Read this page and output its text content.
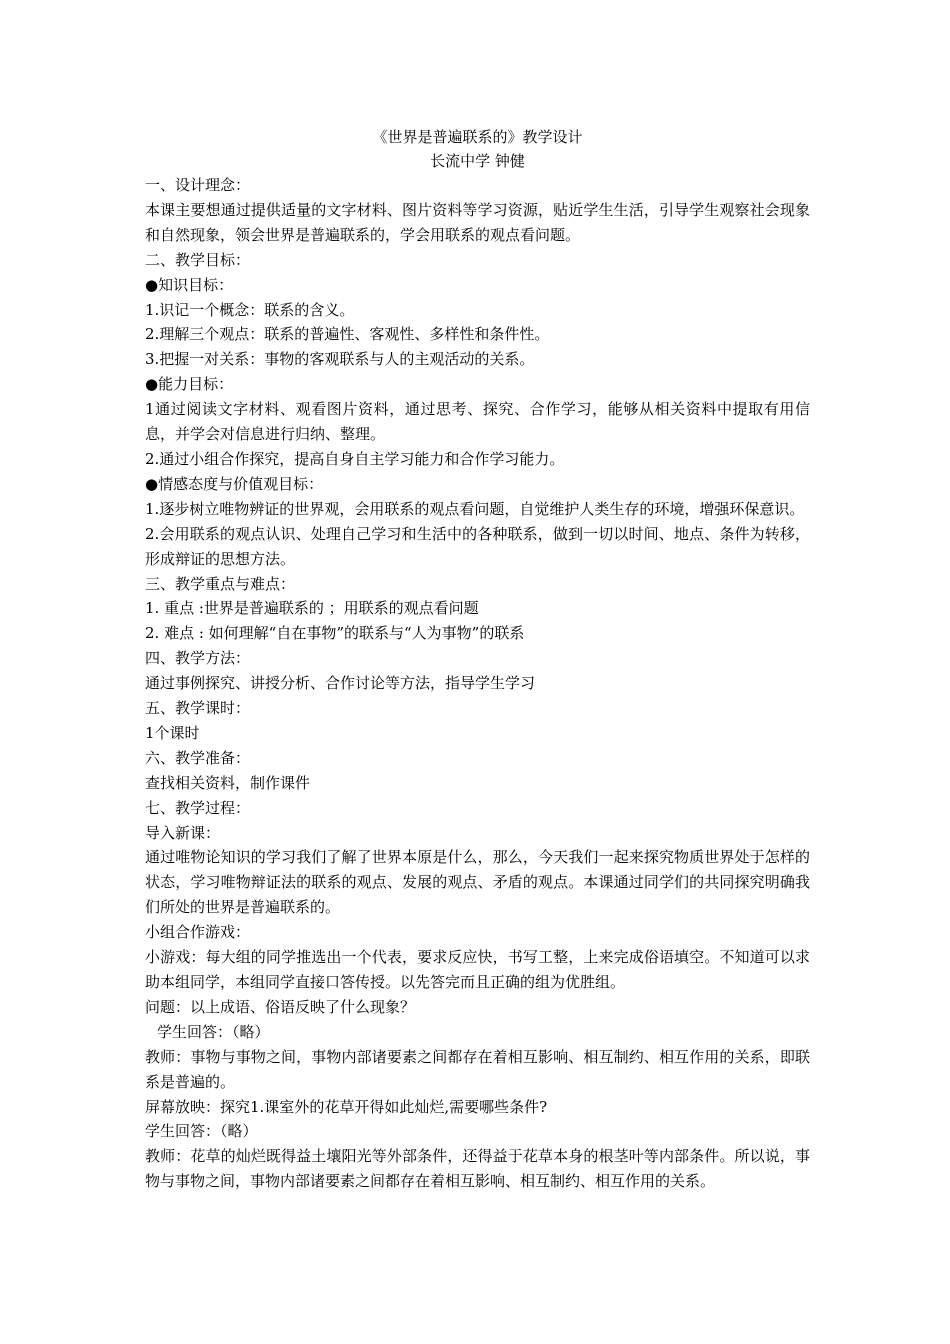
《世界是普遍联系的》教学设计
长流中学 钟健
一、设计理念：
本课主要想通过提供适量的文字材料、图片资料等学习资源，贴近学生生活，引导学生观察社会现象和自然现象，领会世界是普遍联系的，学会用联系的观点看问题。
二、教学目标：
●知识目标：
1.识记一个概念：联系的含义。
2.理解三个观点：联系的普遍性、客观性、多样性和条件性。
3.把握一对关系：事物的客观联系与人的主观活动的关系。
●能力目标：
1通过阅读文字材料、观看图片资料，通过思考、探究、合作学习，能够从相关资料中提取有用信息，并学会对信息进行归纳、整理。
2.通过小组合作探究，提高自身自主学习能力和合作学习能力。
●情感态度与价值观目标：
1.逐步树立唯物辨证的世界观，会用联系的观点看问题，自觉维护人类生存的环境，增强环保意识。
2.会用联系的观点认识、处理自己学习和生活中的各种联系，做到一切以时间、地点、条件为转移，形成辩证的思想方法。
三、教学重点与难点：
1. 重点 :世界是普遍联系的 ；用联系的观点看问题
2. 难点 : 如何理解“自在事物”的联系与“人为事物”的联系
四、教学方法：
通过事例探究、讲授分析、合作讨论等方法，指导学生学习
五、教学课时：
1个课时
六、教学准备：
查找相关资料，制作课件
七、教学过程：
导入新课：
通过唯物论知识的学习我们了解了世界本原是什么，那么，今天我们一起来探究物质世界处于怎样的状态，学习唯物辩证法的联系的观点、发展的观点、矛盾的观点。本课通过同学们的共同探究明确我们所处的世界是普遍联系的。
小组合作游戏：
小游戏：每大组的同学推选出一个代表，要求反应快，书写工整，上来完成俗语填空。不知道可以求助本组同学，本组同学直接口答传授。以先答完而且正确的组为优胜组。
问题：以上成语、俗语反映了什么现象？
学生回答：（略）
教师：事物与事物之间，事物内部诸要素之间都存在着相互影响、相互制约、相互作用的关系，即联系是普遍的。
屏幕放映：探究1.课室外的花草开得如此灿烂,需要哪些条件?
学生回答：（略）
教师：花草的灿烂既得益土壤阳光等外部条件，还得益于花草本身的根茎叶等内部条件。所以说，事物与事物之间，事物内部诸要素之间都存在着相互影响、相互制约、相互作用的关系。
